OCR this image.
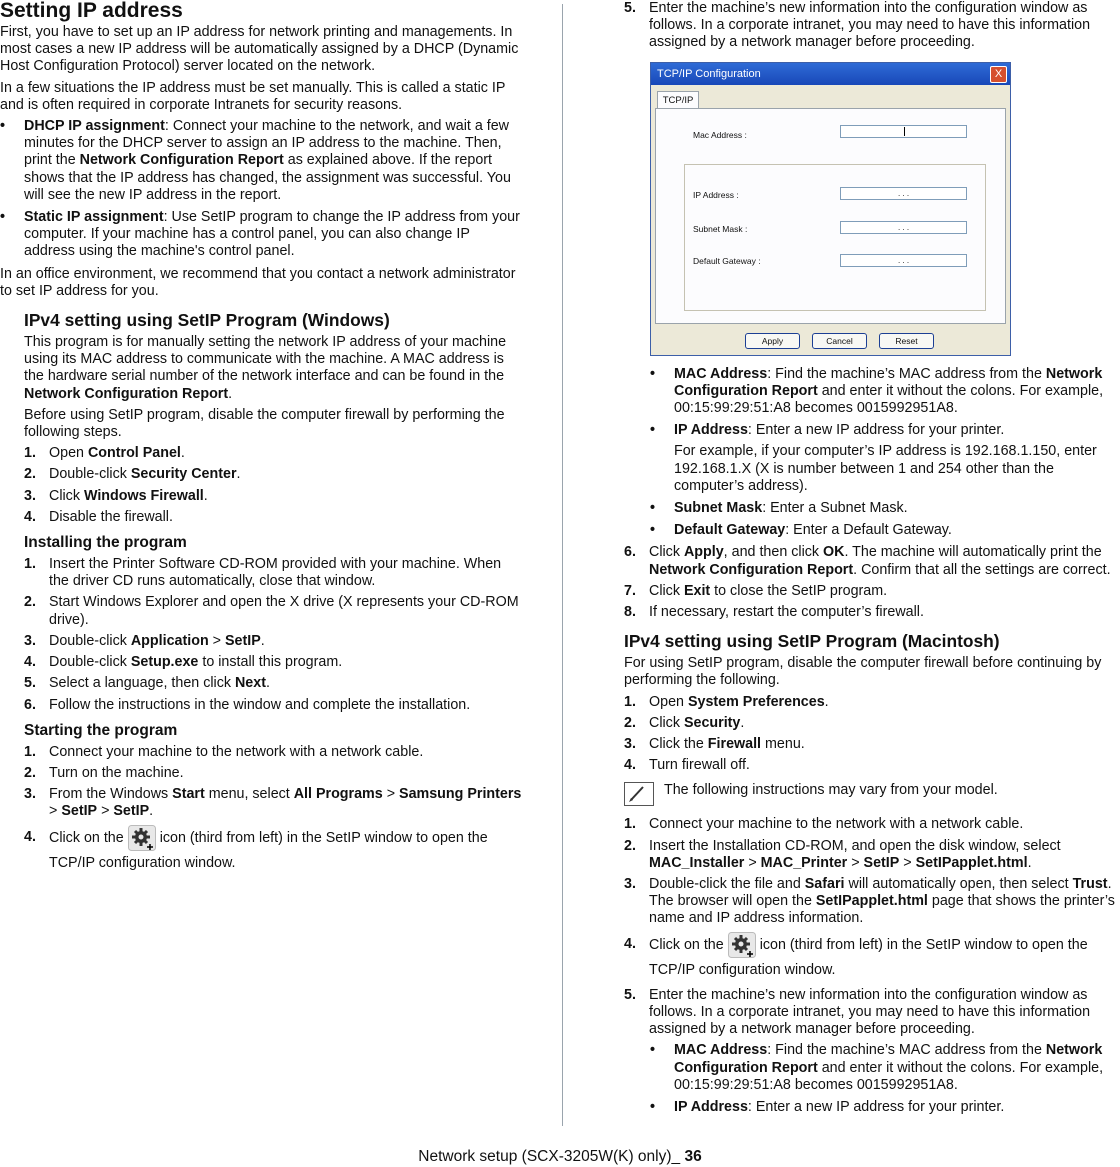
Setting IP address

First, you have to set up an IP address for network printing and managements. In most cases a new IP address will be automatically assigned by a DHCP (Dynamic Host Configuration Protocol) server located on the network.

In a few situations the IP address must be set manually. This is called a static IP and is often required in corporate Intranets for security reasons.

• DHCP IP assignment: Connect your machine to the network, and wait a few minutes for the DHCP server to assign an IP address to the machine. Then, print the Network Configuration Report as explained above. If the report shows that the IP address has changed, the assignment was successful. You will see the new IP address in the report.
• Static IP assignment: Use SetIP program to change the IP address from your computer. If your machine has a control panel, you can also change IP address using the machine's control panel.

In an office environment, we recommend that you contact a network administrator to set IP address for you.

IPv4 setting using SetIP Program (Windows)

This program is for manually setting the network IP address of your machine using its MAC address to communicate with the machine. A MAC address is the hardware serial number of the network interface and can be found in the Network Configuration Report.

Before using SetIP program, disable the computer firewall by performing the following steps.

1. Open Control Panel.
2. Double-click Security Center.
3. Click Windows Firewall.
4. Disable the firewall.
Installing the program
1. Insert the Printer Software CD-ROM provided with your machine. When the driver CD runs automatically, close that window.
2. Start Windows Explorer and open the X drive (X represents your CD-ROM drive).
3. Double-click Application > SetIP.
4. Double-click Setup.exe to install this program.
5. Select a language, then click Next.
6. Follow the instructions in the window and complete the installation.
Starting the program
1. Connect your machine to the network with a network cable.
2. Turn on the machine.
3. From the Windows Start menu, select All Programs > Samsung Printers > SetIP > SetIP.
4. Click on the	icon (third from left) in the SetIP window to open the TCP/IP configuration window.
5. Enter the machine’s new information into the configuration window as follows. In a corporate intranet, you may need to have this information assigned by a network manager before proceeding.
TCP/IP Configuration	X
TCP/IP
Mac Address :
IP Address :	. . .
Subnet Mask :	. . .
Default Gateway :	. . .
Apply	Cancel	Reset
• MAC Address: Find the machine’s MAC address from the Network Configuration Report and enter it without the colons. For example, 00:15:99:29:51:A8 becomes 0015992951A8.
• IP Address: Enter a new IP address for your printer.

For example, if your computer’s IP address is 192.168.1.150, enter 192.168.1.X (X is number between 1 and 254 other than the computer’s address).

• Subnet Mask: Enter a Subnet Mask.
• Default Gateway: Enter a Default Gateway.
6. Click Apply, and then click OK. The machine will automatically print the Network Configuration Report. Confirm that all the settings are correct.
7. Click Exit to close the SetIP program.
8. If necessary, restart the computer’s firewall.
IPv4 setting using SetIP Program (Macintosh)

For using SetIP program, disable the computer firewall before continuing by performing the following.

1. Open System Preferences.
2. Click Security.
3. Click the Firewall menu.
4. Turn firewall off.
The following instructions may vary from your model.
1. Connect your machine to the network with a network cable.
2. Insert the Installation CD-ROM, and open the disk window, select MAC_Installer > MAC_Printer > SetIP > SetIPapplet.html.
3. Double-click the file and Safari will automatically open, then select Trust. The browser will open the SetIPapplet.html page that shows the printer’s name and IP address information.
4. Click on the	icon (third from left) in the SetIP window to open the TCP/IP configuration window.
5. Enter the machine’s new information into the configuration window as follows. In a corporate intranet, you may need to have this information assigned by a network manager before proceeding.
• MAC Address: Find the machine’s MAC address from the Network Configuration Report and enter it without the colons. For example, 00:15:99:29:51:A8 becomes 0015992951A8.
• IP Address: Enter a new IP address for your printer.
Network setup (SCX-3205W(K) only)_ 36
